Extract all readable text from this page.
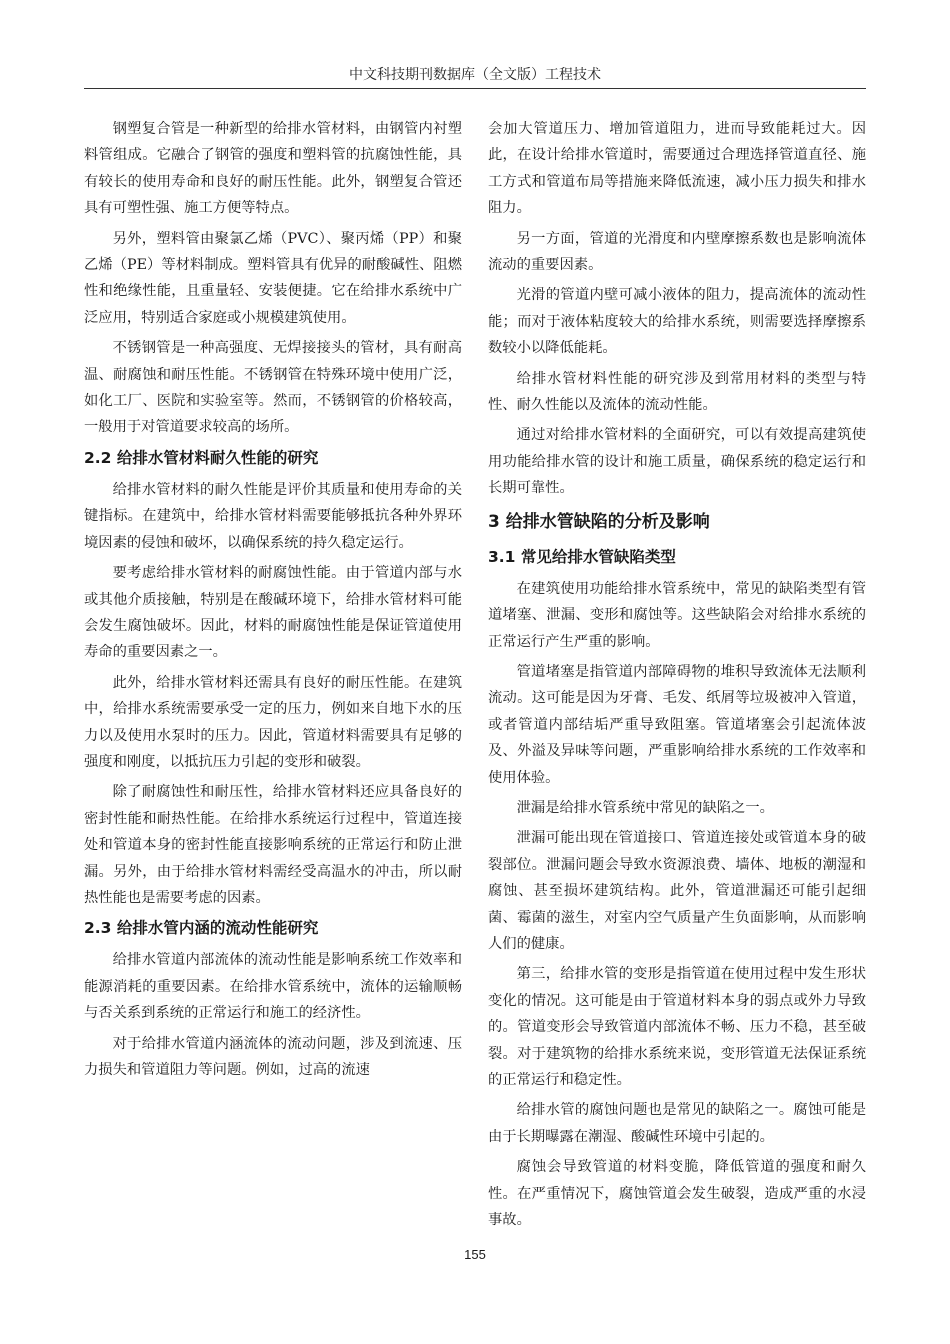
中文科技期刊数据库（全文版）工程技术
钢塑复合管是一种新型的给排水管材料，由钢管内衬塑料管组成。它融合了钢管的强度和塑料管的抗腐蚀性能，具有较长的使用寿命和良好的耐压性能。此外，钢塑复合管还具有可塑性强、施工方便等特点。
另外，塑料管由聚氯乙烯（PVC）、聚丙烯（PP）和聚乙烯（PE）等材料制成。塑料管具有优异的耐酸碱性、阻燃性和绝缘性能，且重量轻、安装便捷。它在给排水系统中广泛应用，特别适合家庭或小规模建筑使用。
不锈钢管是一种高强度、无焊接接头的管材，具有耐高温、耐腐蚀和耐压性能。不锈钢管在特殊环境中使用广泛，如化工厂、医院和实验室等。然而，不锈钢管的价格较高，一般用于对管道要求较高的场所。
2.2 给排水管材料耐久性能的研究
给排水管材料的耐久性能是评价其质量和使用寿命的关键指标。在建筑中，给排水管材料需要能够抵抗各种外界环境因素的侵蚀和破坏，以确保系统的持久稳定运行。
要考虑给排水管材料的耐腐蚀性能。由于管道内部与水或其他介质接触，特别是在酸碱环境下，给排水管材料可能会发生腐蚀破坏。因此，材料的耐腐蚀性能是保证管道使用寿命的重要因素之一。
此外，给排水管材料还需具有良好的耐压性能。在建筑中，给排水系统需要承受一定的压力，例如来自地下水的压力以及使用水泵时的压力。因此，管道材料需要具有足够的强度和刚度，以抵抗压力引起的变形和破裂。
除了耐腐蚀性和耐压性，给排水管材料还应具备良好的密封性能和耐热性能。在给排水系统运行过程中，管道连接处和管道本身的密封性能直接影响系统的正常运行和防止泄漏。另外，由于给排水管材料需经受高温水的冲击，所以耐热性能也是需要考虑的因素。
2.3 给排水管内涵的流动性能研究
给排水管道内部流体的流动性能是影响系统工作效率和能源消耗的重要因素。在给排水管系统中，流体的运输顺畅与否关系到系统的正常运行和施工的经济性。
对于给排水管道内涵流体的流动问题，涉及到流速、压力损失和管道阻力等问题。例如，过高的流速
会加大管道压力、增加管道阻力，进而导致能耗过大。因此，在设计给排水管道时，需要通过合理选择管道直径、施工方式和管道布局等措施来降低流速，减小压力损失和排水阻力。
另一方面，管道的光滑度和内壁摩擦系数也是影响流体流动的重要因素。
光滑的管道内壁可减小液体的阻力，提高流体的流动性能；而对于液体粘度较大的给排水系统，则需要选择摩擦系数较小以降低能耗。
给排水管材料性能的研究涉及到常用材料的类型与特性、耐久性能以及流体的流动性能。
通过对给排水管材料的全面研究，可以有效提高建筑使用功能给排水管的设计和施工质量，确保系统的稳定运行和长期可靠性。
3 给排水管缺陷的分析及影响
3.1 常见给排水管缺陷类型
在建筑使用功能给排水管系统中，常见的缺陷类型有管道堵塞、泄漏、变形和腐蚀等。这些缺陷会对给排水系统的正常运行产生严重的影响。
管道堵塞是指管道内部障碍物的堆积导致流体无法顺利流动。这可能是因为牙膏、毛发、纸屑等垃圾被冲入管道，或者管道内部结垢严重导致阻塞。管道堵塞会引起流体波及、外溢及异味等问题，严重影响给排水系统的工作效率和使用体验。
泄漏是给排水管系统中常见的缺陷之一。
泄漏可能出现在管道接口、管道连接处或管道本身的破裂部位。泄漏问题会导致水资源浪费、墙体、地板的潮湿和腐蚀、甚至损坏建筑结构。此外，管道泄漏还可能引起细菌、霉菌的滋生，对室内空气质量产生负面影响，从而影响人们的健康。
第三，给排水管的变形是指管道在使用过程中发生形状变化的情况。这可能是由于管道材料本身的弱点或外力导致的。管道变形会导致管道内部流体不畅、压力不稳，甚至破裂。对于建筑物的给排水系统来说，变形管道无法保证系统的正常运行和稳定性。
给排水管的腐蚀问题也是常见的缺陷之一。腐蚀可能是由于长期曝露在潮湿、酸碱性环境中引起的。
腐蚀会导致管道的材料变脆，降低管道的强度和耐久性。在严重情况下，腐蚀管道会发生破裂，造成严重的水浸事故。
155
